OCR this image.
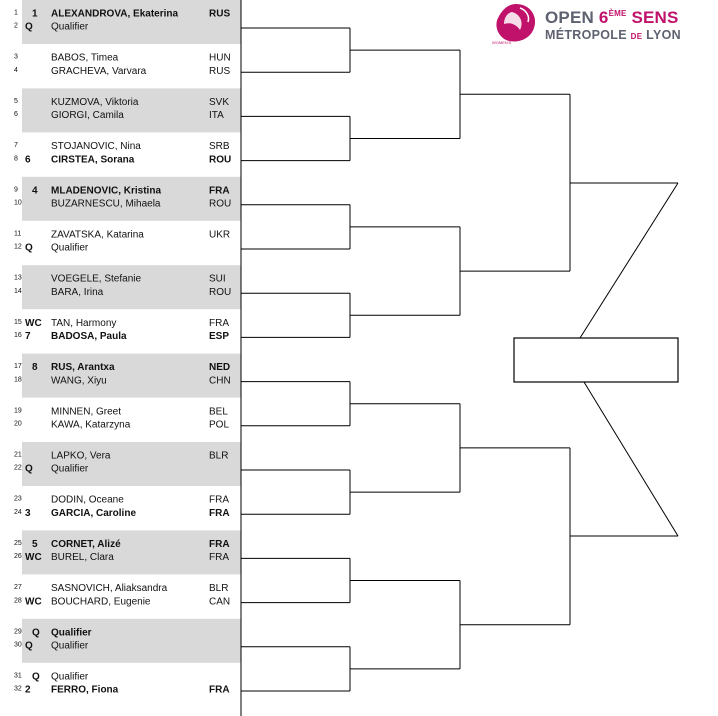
1 1 ALEXANDROVA, Ekaterina	RUS
2 Q Qualifier
3	BABOS, Timea	HUN
4	GRACHEVA, Varvara	RUS
5	KUZMOVA, Viktoria	SVK
6	GIORGI, Camila	ITA
7	STOJANOVIC, Nina	SRB
8 6 CIRSTEA, Sorana	ROU
9 4 MLADENOVIC, Kristina	FRA
10	BUZARNESCU, Mihaela	ROU
11	ZAVATSKA, Katarina	UKR
12 Q Qualifier
13	VOEGELE, Stefanie	SUI
14	BARA, Irina	ROU
15 WC TAN, Harmony	FRA
16 7 BADOSA, Paula	ESP
17 8 RUS, Arantxa	NED
18	WANG, Xiyu	CHN
19	MINNEN, Greet	BEL
20	KAWA, Katarzyna	POL
21	LAPKO, Vera	BLR
22 Q Qualifier
23	DODIN, Oceane	FRA
24 3 GARCIA, Caroline	FRA
25 5 CORNET, Alizé	FRA
26 WC BUREL, Clara	FRA
27	SASNOVICH, Aliaksandra	BLR
28 WC BOUCHARD, Eugenie	CAN
29 Q Qualifier
30 Q Qualifier
31 Q Qualifier
32 2 FERRO, Fiona	FRA
WOMEN'S
OPEN 6ÈME SENS
MÉTROPOLE DE LYON
